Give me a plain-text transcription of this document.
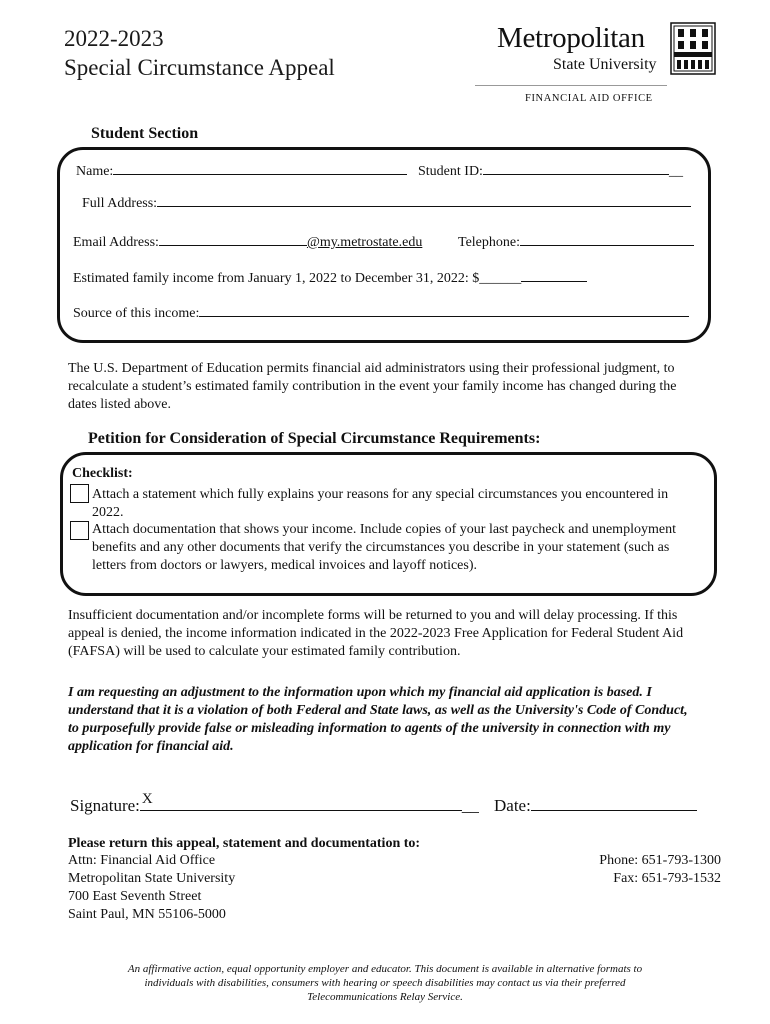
2022-2023
Special Circumstance Appeal
Metropolitan
State University
FINANCIAL AID OFFICE
Student Section
Name:	Student ID:	__
Full Address:
Email Address:	@my.metrostate.edu	Telephone:
Estimated family income from January 1, 2022 to December 31, 2022: $______
Source of this income:
The U.S. Department of Education permits financial aid administrators using their professional judgment, to recalculate a student’s estimated family contribution in the event your family income has changed during the dates listed above.
Petition for Consideration of Special Circumstance Requirements:
Checklist:
Attach a statement which fully explains your reasons for any special circumstances you encountered in 2022.
Attach documentation that shows your income. Include copies of your last paycheck and unemployment benefits and any other documents that verify the circumstances you describe in your statement (such as letters from doctors or lawyers, medical invoices and layoff notices).
Insufficient documentation and/or incomplete forms will be returned to you and will delay processing. If this appeal is denied, the income information indicated in the 2022-2023 Free Application for Federal Student Aid (FAFSA) will be used to calculate your estimated family contribution.
I am requesting an adjustment to the information upon which my financial aid application is based. I understand that it is a violation of both Federal and State laws, as well as the University's Code of Conduct, to purposefully provide false or misleading information to agents of the university in connection with my application for financial aid.
Signature: X	__ Date:
Please return this appeal, statement and documentation to:
Attn: Financial Aid Office
Metropolitan State University
700 East Seventh Street
Saint Paul, MN 55106-5000
Phone: 651-793-1300
Fax: 651-793-1532
An affirmative action, equal opportunity employer and educator. This document is available in alternative formats to
individuals with disabilities, consumers with hearing or speech disabilities may contact us via their preferred
Telecommunications Relay Service.
